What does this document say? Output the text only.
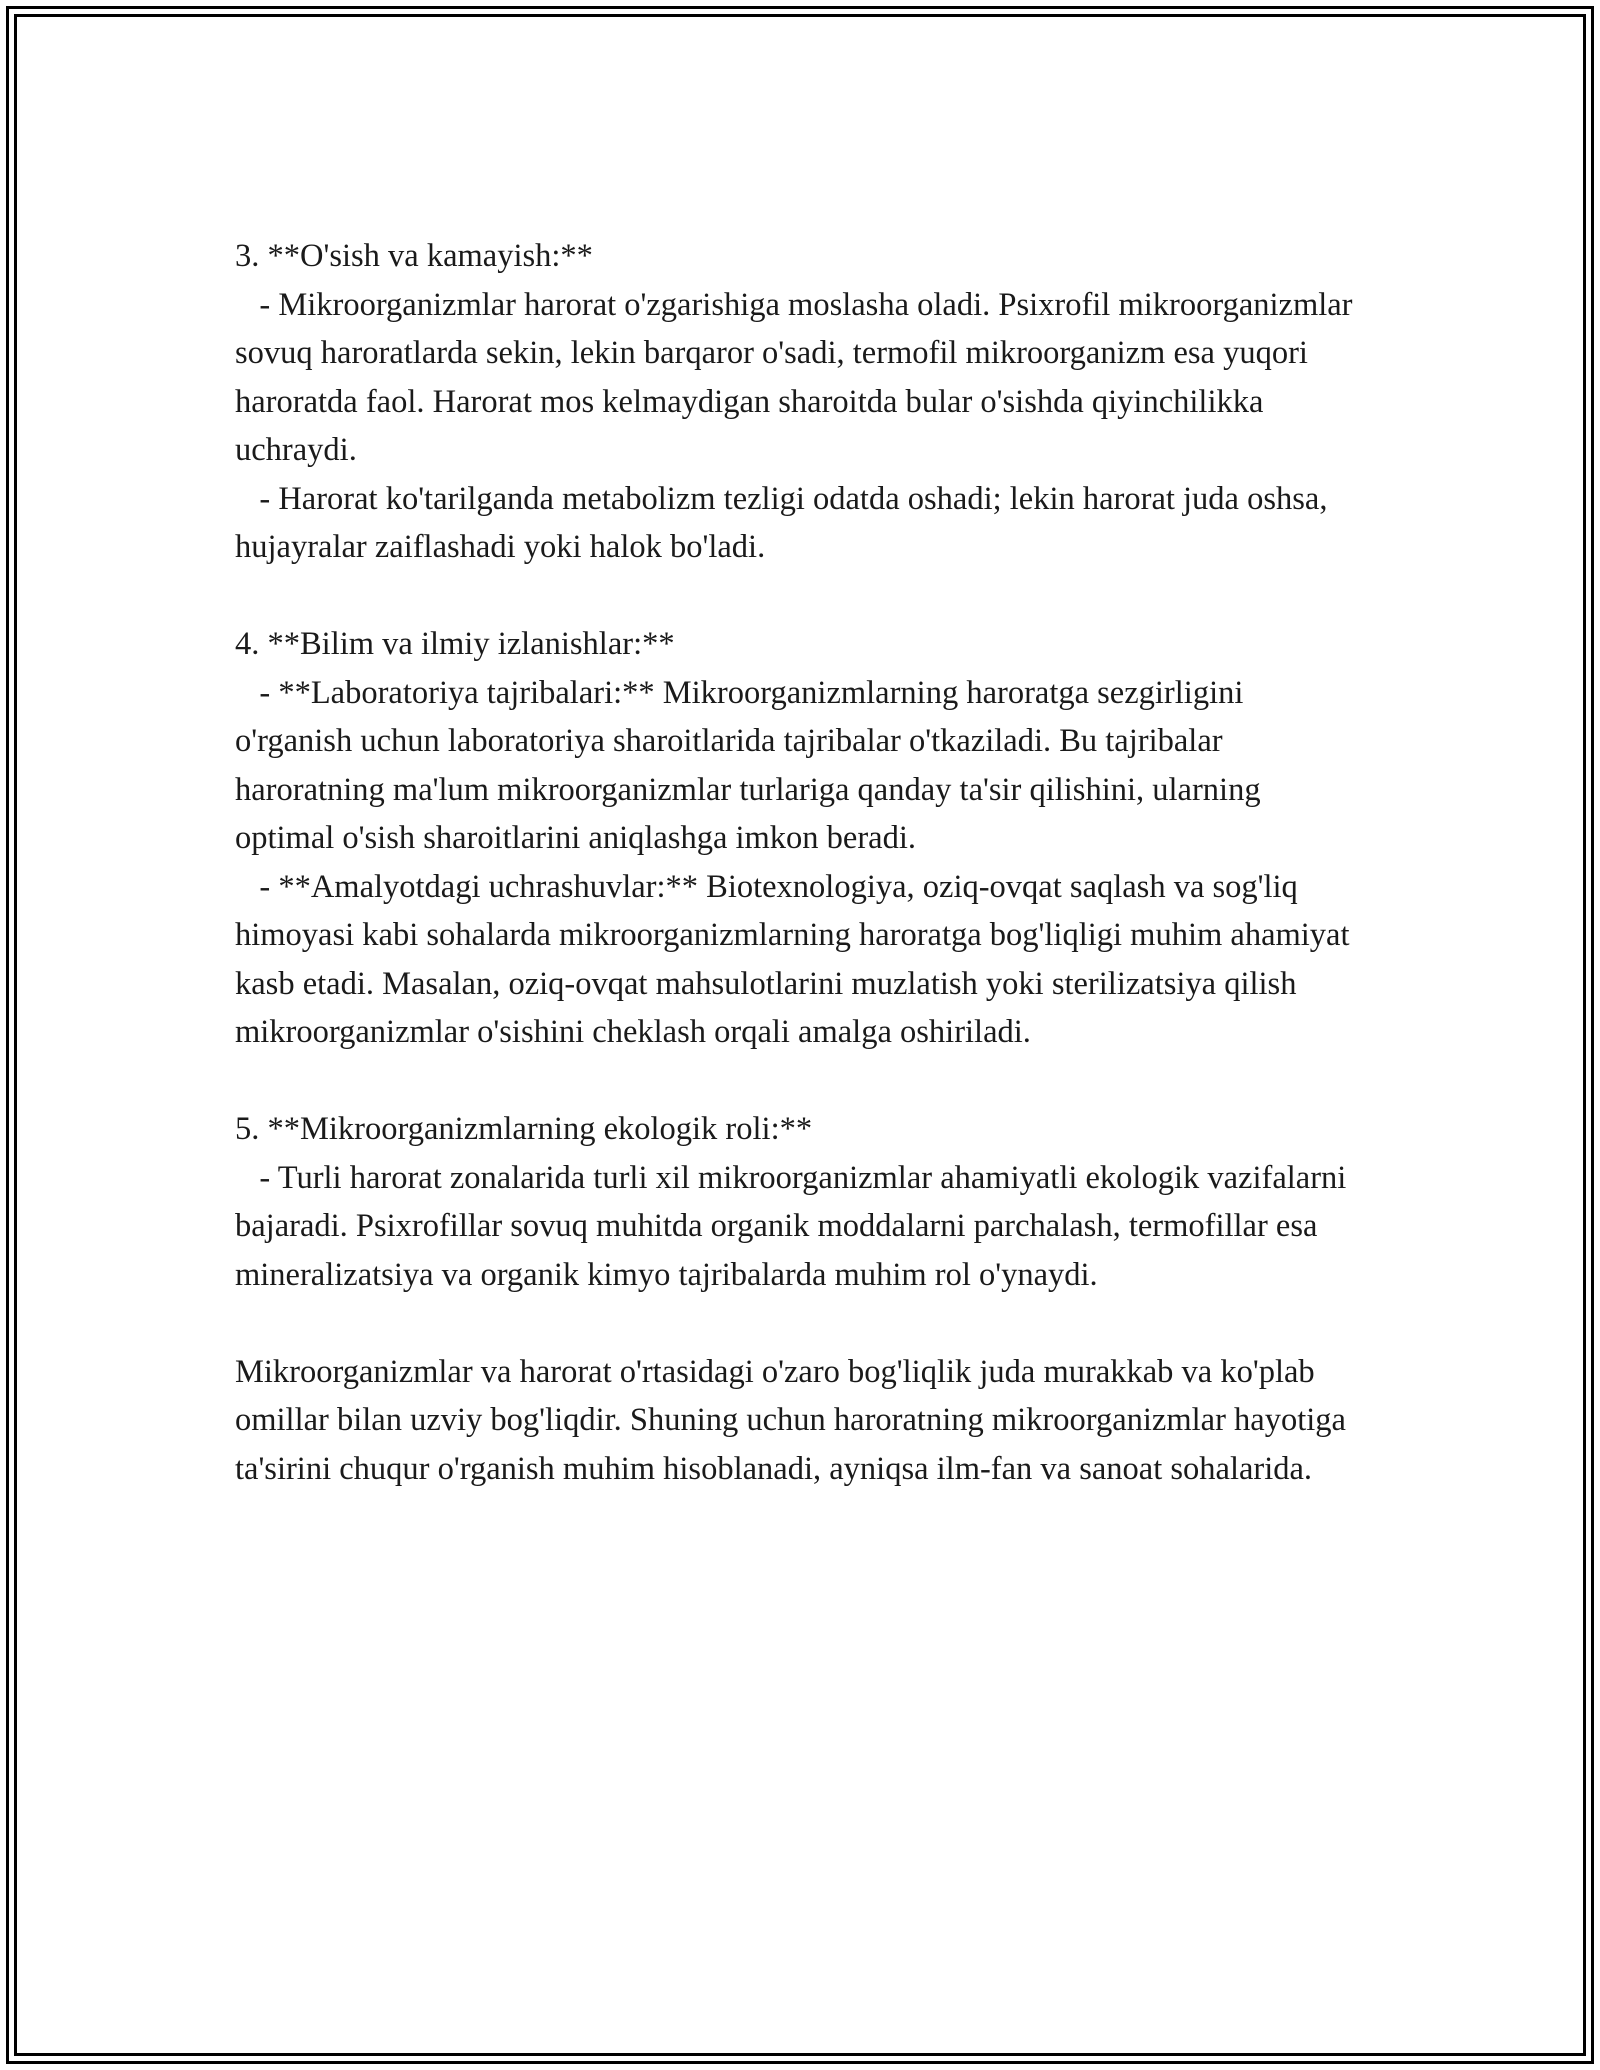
3. **O'sish va kamayish:**

- Mikroorganizmlar harorat o'zgarishiga moslasha oladi. Psixrofil mikroorganizmlar sovuq haroratlarda sekin, lekin barqaror o'sadi, termofil mikroorganizm esa yuqori haroratda faol. Harorat mos kelmaydigan sharoitda bular o'sishda qiyinchilikka uchraydi.

- Harorat ko'tarilganda metabolizm tezligi odatda oshadi; lekin harorat juda oshsa, hujayralar zaiflashadi yoki halok bo'ladi.

4. **Bilim va ilmiy izlanishlar:**

- **Laboratoriya tajribalari:** Mikroorganizmlarning haroratga sezgirligini o'rganish uchun laboratoriya sharoitlarida tajribalar o'tkaziladi. Bu tajribalar haroratning ma'lum mikroorganizmlar turlariga qanday ta'sir qilishini, ularning optimal o'sish sharoitlarini aniqlashga imkon beradi.

- **Amalyotdagi uchrashuvlar:** Biotexnologiya, oziq-ovqat saqlash va sog'liq himoyasi kabi sohalarda mikroorganizmlarning haroratga bog'liqligi muhim ahamiyat kasb etadi. Masalan, oziq-ovqat mahsulotlarini muzlatish yoki sterilizatsiya qilish mikroorganizmlar o'sishini cheklash orqali amalga oshiriladi.

5. **Mikroorganizmlarning ekologik roli:**

- Turli harorat zonalarida turli xil mikroorganizmlar ahamiyatli ekologik vazifalarni bajaradi. Psixrofillar sovuq muhitda organik moddalarni parchalash, termofillar esa mineralizatsiya va organik kimyo tajribalarda muhim rol o'ynaydi.

Mikroorganizmlar va harorat o'rtasidagi o'zaro bog'liqlik juda murakkab va ko'plab omillar bilan uzviy bog'liqdir. Shuning uchun haroratning mikroorganizmlar hayotiga ta'sirini chuqur o'rganish muhim hisoblanadi, ayniqsa ilm-fan va sanoat sohalarida.
